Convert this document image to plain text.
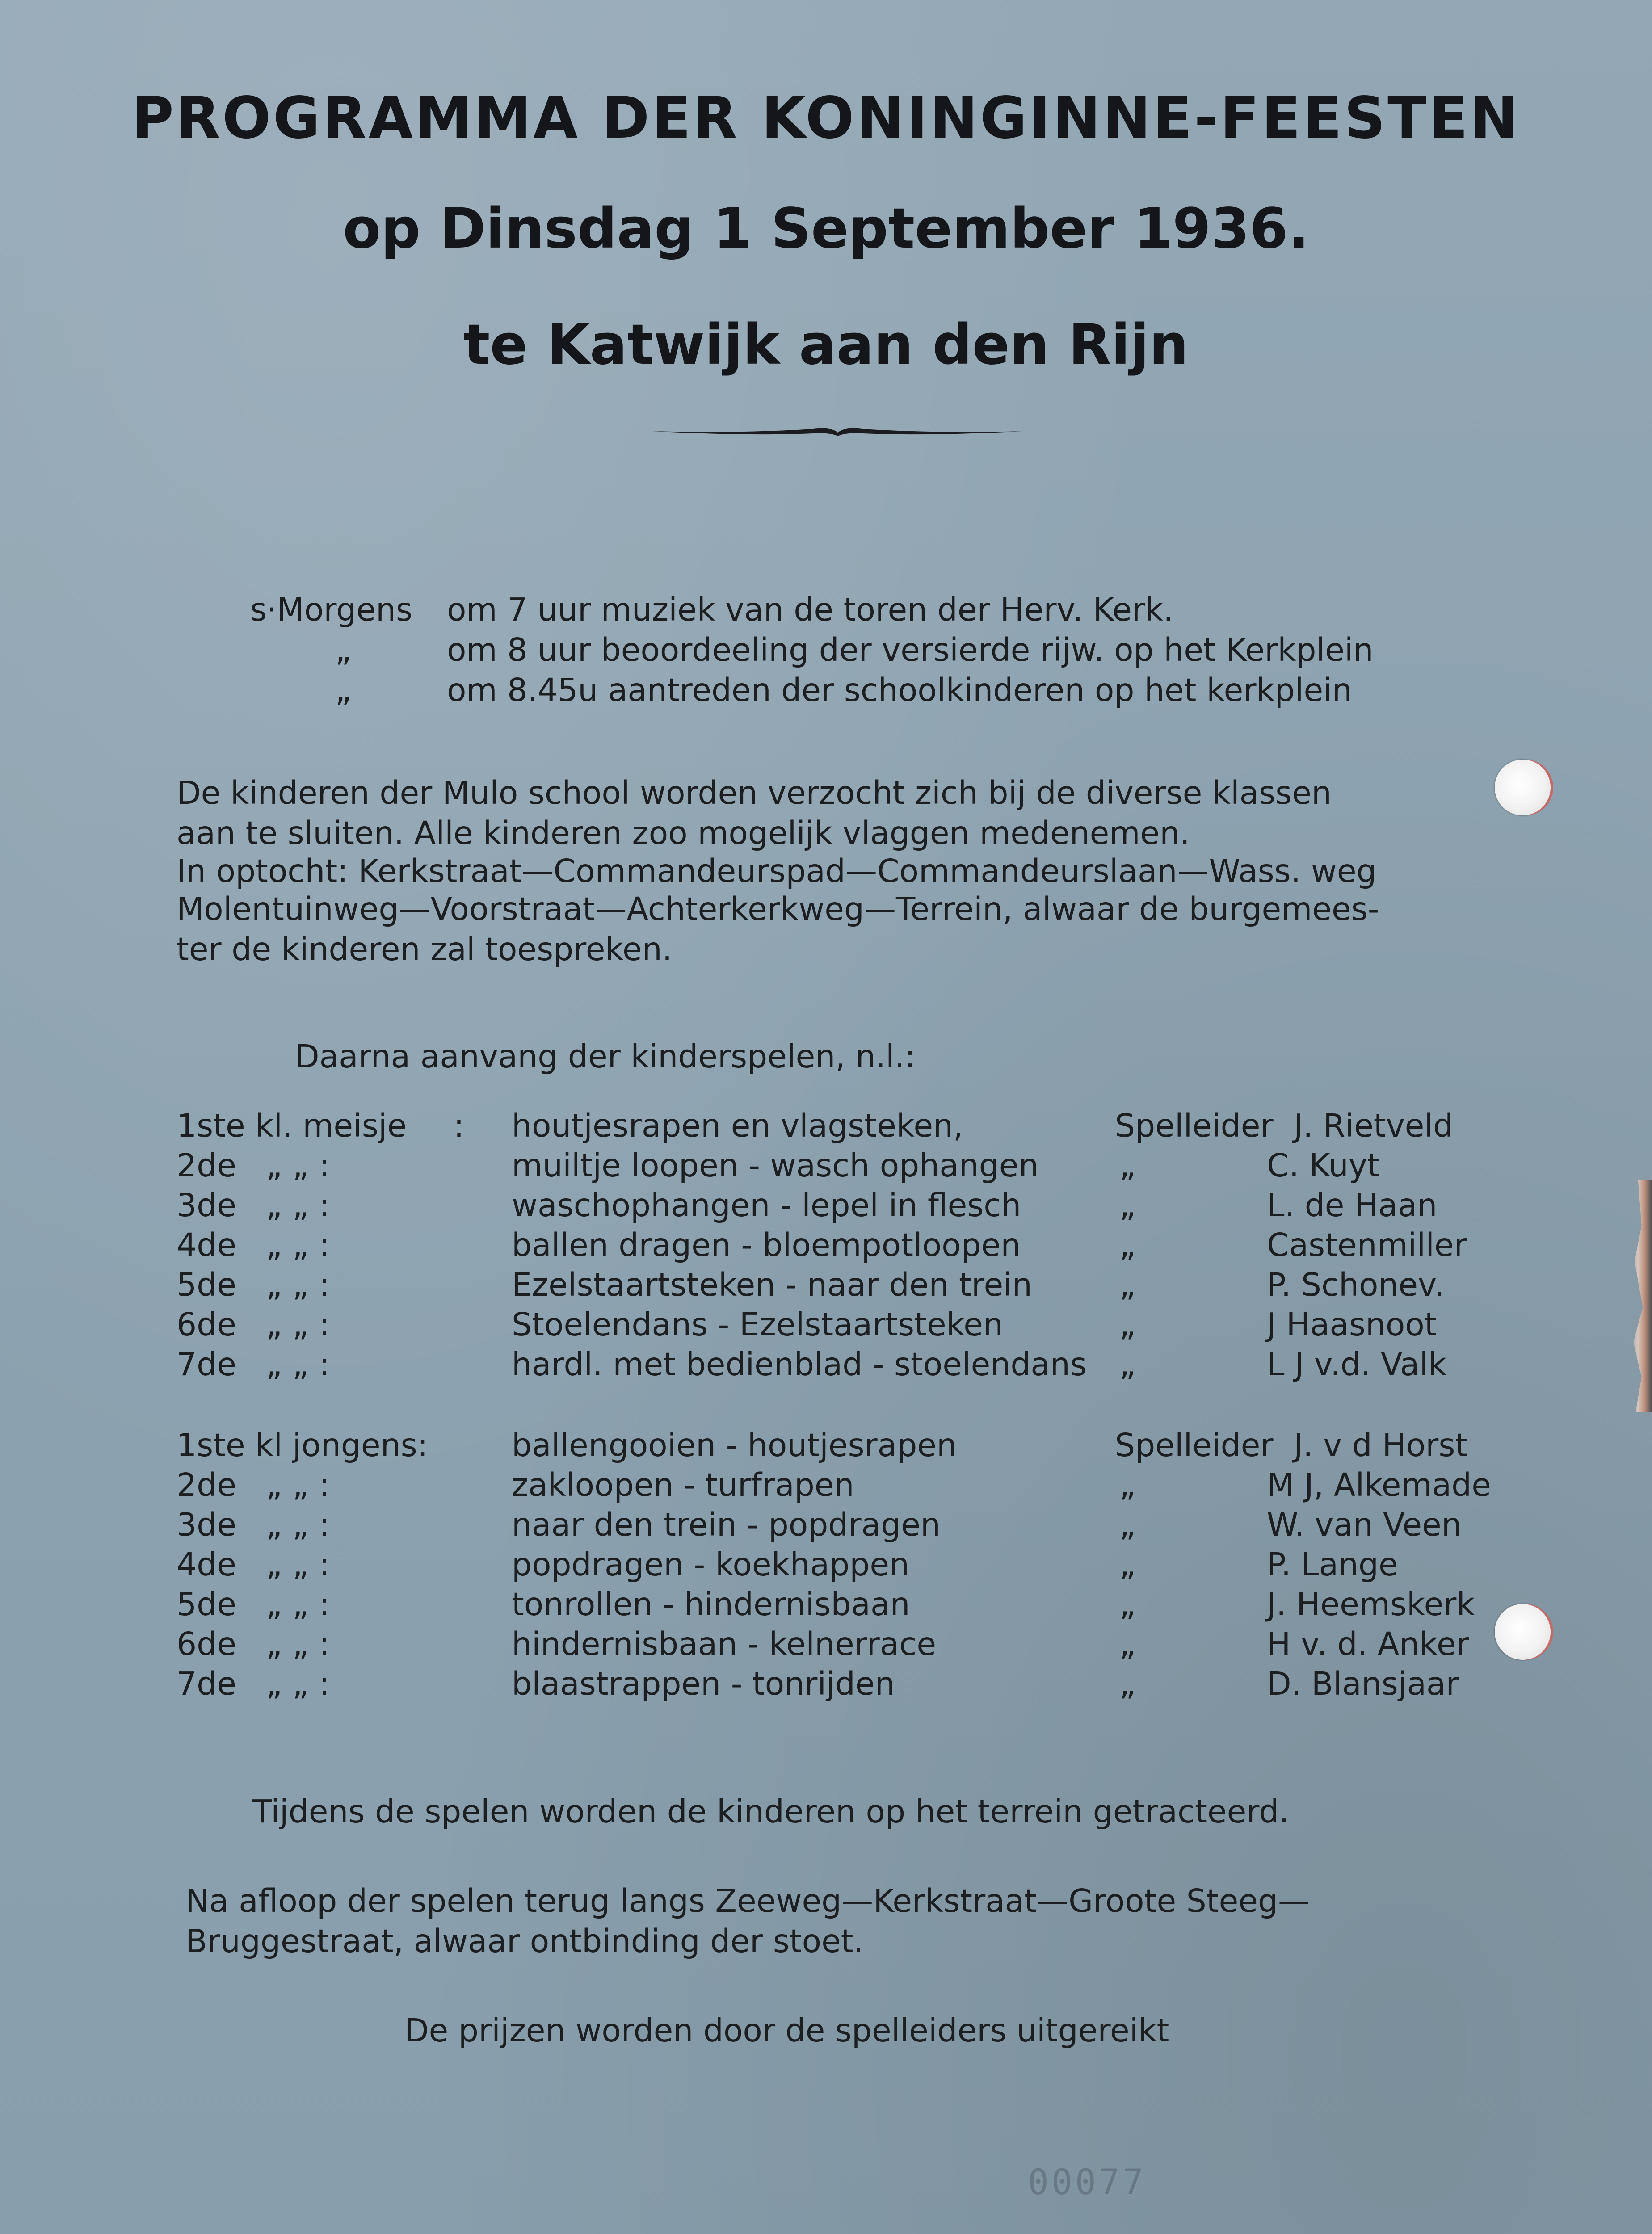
PROGRAMMA DER KONINGINNE-FEESTEN
op Dinsdag 1 September 1936.
te Katwijk aan den Rijn
s·Morgens om 7 uur muziek van de toren der Herv. Kerk.
„	om 8 uur beoordeeling der versierde rijw. op het Kerkplein
„	om 8.45u aantreden der schoolkinderen op het kerkplein
De kinderen der Mulo school worden verzocht zich bij de diverse klassen
aan te sluiten. Alle kinderen zoo mogelijk vlaggen medenemen.
In optocht: Kerkstraat—Commandeurspad—Commandeurslaan—Wass. weg
Molentuinweg—Voorstraat—Achterkerkweg—Terrein, alwaar de burgemees-
ter de kinderen zal toespreken.
Daarna aanvang der kinderspelen, n.l.:
1ste kl. meisje : houtjesrapen en vlagsteken,	Spelleider J. Rietveld
2de „ „ :	muiltje loopen - wasch ophangen	„	C. Kuyt
3de „ „ :	waschophangen - lepel in flesch	„	L. de Haan
4de „ „ :	ballen dragen - bloempotloopen	„	Castenmiller
5de „ „ :	Ezelstaartsteken - naar den trein	„	P. Schonev.
6de „ „ :	Stoelendans - Ezelstaartsteken	„	J Haasnoot
7de „ „ :	hardl. met bedienblad - stoelendans „	L J v.d. Valk
1ste kl jongens:	ballengooien - houtjesrapen	Spelleider J. v d Horst
2de „ „ :	zakloopen - turfrapen	„	M J, Alkemade
3de „ „ :	naar den trein - popdragen	„	W. van Veen
4de „ „ :	popdragen - koekhappen	„	P. Lange
5de „ „ :	tonrollen - hindernisbaan	„	J. Heemskerk
6de „ „ :	hindernisbaan - kelnerrace	„	H v. d. Anker
7de „ „ :	blaastrappen - tonrijden	„	D. Blansjaar
Tijdens de spelen worden de kinderen op het terrein getracteerd.
Na afloop der spelen terug langs Zeeweg—Kerkstraat—Groote Steeg—
Bruggestraat, alwaar ontbinding der stoet.
De prijzen worden door de spelleiders uitgereikt
00077
